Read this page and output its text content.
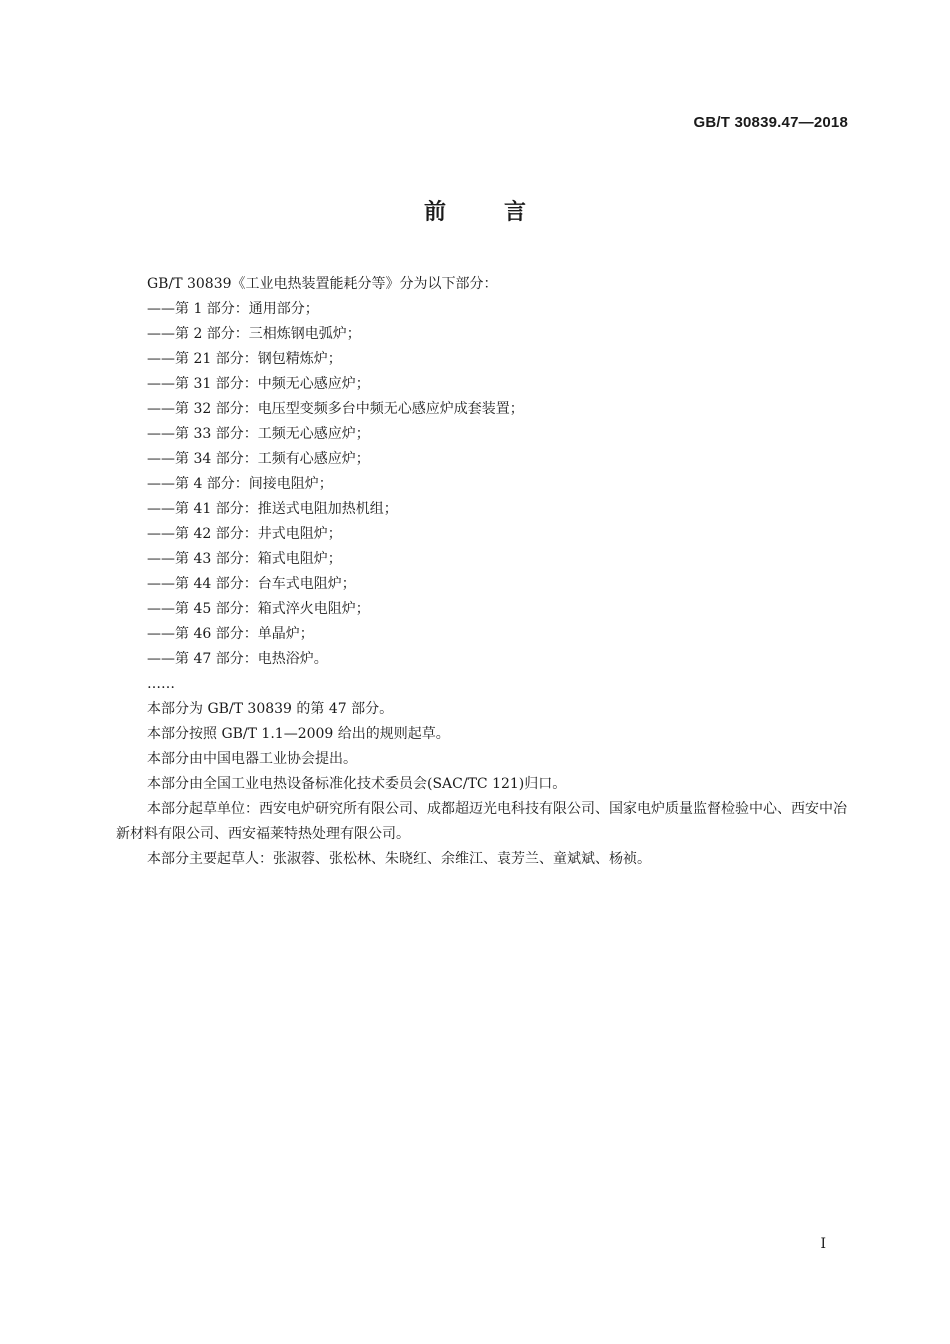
GB/T 30839.47—2018
前言

GB/T 30839《工业电热装置能耗分等》分为以下部分：

——第 1 部分：通用部分；
——第 2 部分：三相炼钢电弧炉；
——第 21 部分：钢包精炼炉；
——第 31 部分：中频无心感应炉；
——第 32 部分：电压型变频多台中频无心感应炉成套装置；
——第 33 部分：工频无心感应炉；
——第 34 部分：工频有心感应炉；
——第 4 部分：间接电阻炉；
——第 41 部分：推送式电阻加热机组；
——第 42 部分：井式电阻炉；
——第 43 部分：箱式电阻炉；
——第 44 部分：台车式电阻炉；
——第 45 部分：箱式淬火电阻炉；
——第 46 部分：单晶炉；
——第 47 部分：电热浴炉。
……

本部分为 GB/T 30839 的第 47 部分。

本部分按照 GB/T 1.1—2009 给出的规则起草。

本部分由中国电器工业协会提出。

本部分由全国工业电热设备标准化技术委员会(SAC/TC 121)归口。

本部分起草单位：西安电炉研究所有限公司、成都超迈光电科技有限公司、国家电炉质量监督检验中心、西安中冶新材料有限公司、西安福莱特热处理有限公司。

本部分主要起草人：张淑蓉、张松林、朱晓红、余维江、袁芳兰、童斌斌、杨祯。

I
